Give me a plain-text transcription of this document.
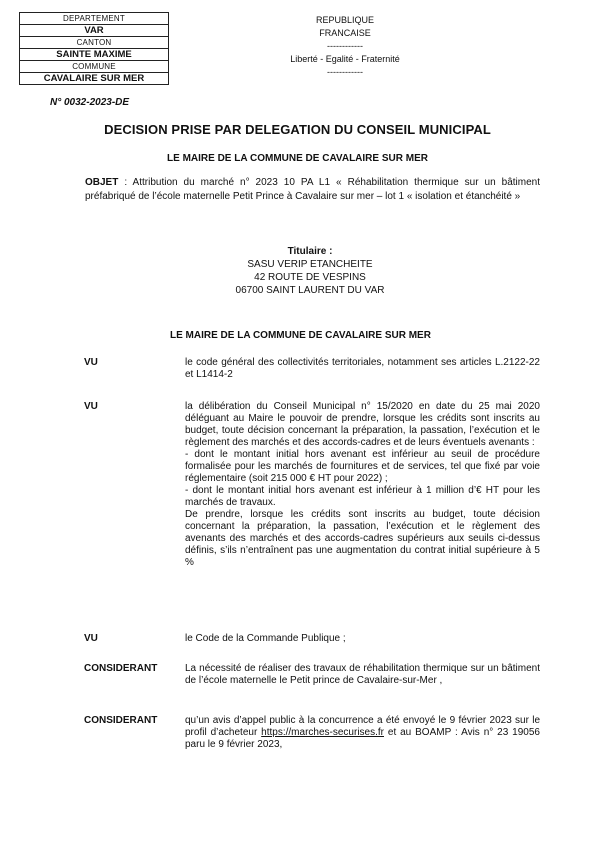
DEPARTEMENT
VAR
CANTON
SAINTE MAXIME
COMMUNE
CAVALAIRE SUR MER
REPUBLIQUE FRANCAISE
------------
Liberté - Egalité - Fraternité
------------
N° 0032-2023-DE
DECISION PRISE PAR DELEGATION DU CONSEIL MUNICIPAL
LE MAIRE DE LA COMMUNE DE CAVALAIRE SUR MER
OBJET : Attribution du marché n° 2023 10 PA L1 « Réhabilitation thermique sur un bâtiment préfabriqué de l’école maternelle Petit Prince à Cavalaire sur mer – lot 1 « isolation et étanchéité »
Titulaire :
SASU VERIP ETANCHEITE
42 ROUTE DE VESPINS
06700 SAINT LAURENT DU VAR
LE MAIRE DE LA COMMUNE DE CAVALAIRE SUR MER
VU	le code général des collectivités territoriales, notamment ses articles L.2122-22 et L1414-2

VU	la délibération du Conseil Municipal n° 15/2020 en date du 25 mai 2020 déléguant au Maire le pouvoir de prendre, lorsque les crédits sont inscrits au budget, toute décision concernant la préparation, la passation, l’exécution et le règlement des marchés et des accords-cadres et de leurs éventuels avenants :

- dont le montant initial hors avenant est inférieur au seuil de procédure formalisée pour les marchés de fournitures et de services, tel que fixé par voie réglementaire (soit 215 000 € HT pour 2022) ;

- dont le montant initial hors avenant est inférieur à 1 million d’€ HT pour les marchés de travaux.

De prendre, lorsque les crédits sont inscrits au budget, toute décision concernant la préparation, la passation, l’exécution et le règlement des avenants des marchés et des accords-cadres supérieurs aux seuils ci-dessus définis, s’ils n’entraînent pas une augmentation du contrat initial supérieure à 5 %

VU	le Code de la Commande Publique ;

CONSIDERANT	La nécessité de réaliser des travaux de réhabilitation thermique sur un bâtiment de l’école maternelle le Petit prince de Cavalaire-sur-Mer ,

CONSIDERANT	qu’un avis d’appel public à la concurrence a été envoyé le 9 février 2023 sur le profil d’acheteur https://marches-securises.fr et au BOAMP : Avis n° 23 19056 paru le 9 février 2023,
